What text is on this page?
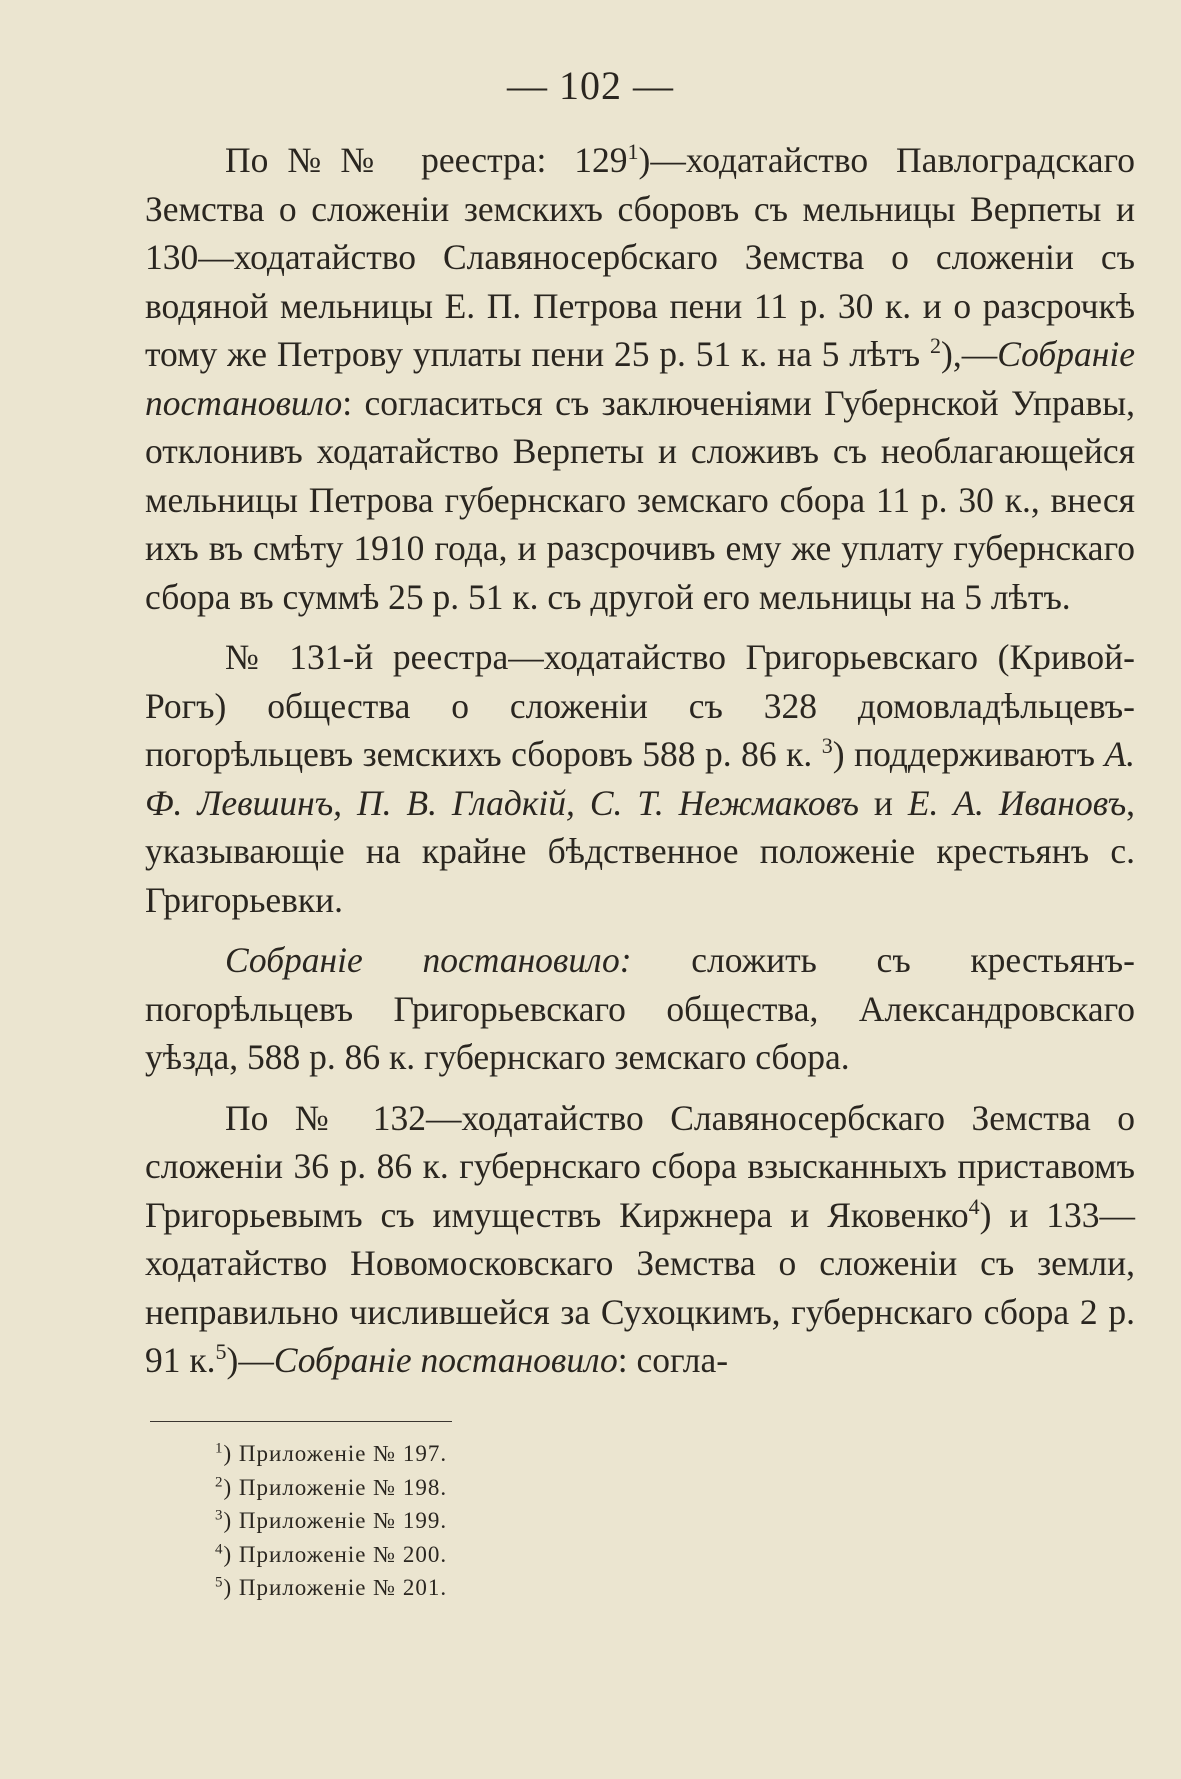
— 102 —

По№№ реестра: $129^1)—ходатайство$ Павлоградскаго Земства о сложенiи земскихъ сборовъ съ мельницы Верпеты и 130—ходатайство Славяносербскаго Земства о сложенiи съ водяной мельницы Е. П. Петрова пени 11 р. 30 к. и о разсрочкѣ тому же Петрову уплаты пени 25 р. 51 к. на 5 лѣтъ $^2$),—Собранiе постановило: согласиться съ заключенiями Губернской Управы, отклонивъ ходатайство Верпеты и сложивъ съ необлагающейся мельницы Петрова губернскаго земскаго сбора 11 р. 30 к., внеся ихъ въ смѣту 1910 года, и разсрочивъ ему же уплату губернскаго сбора въ суммѣ 25 р. 51 к. съ другой его мельницы на 5 лѣтъ.

№ 131-й реестра—ходатайство Григорьевскаго (Кривой-Рогъ) общества о сложенiи съ 328 домовладѣльцевъ-погорѣльцевъ земскихъ сборовъ 588 р. 86 к. $^3$) поддерживаютъ А. Ф. Левшинъ, П. В. Гладкiй, С. Т. Нежмаковъ и Е. А. Ивановъ, указывающiе на крайне бѣдственное положенiе крестьянъ с. Григорьевки.

Собранiе постановило: сложить съ крестьянъ-погорѣльцевъ Григорьевскаго общества, Александровскаго уѣзда, 588 р. 86 к. губернскаго земскаго сбора.

По № 132—ходатайство Славяносербскаго Земства о сложенiи 36 р. 86 к. губернскаго сбора взысканныхъ приставомъ Григорьевымъ съ имуществъ Киржнера и Яковенко$^4$) и 133—ходатайство Новомосковскаго Земства о сложенiи съ земли, неправильно числившейся за Сухоцкимъ, губернскаго сбора 2 р. 91 к.$^5$)—Собранiе постановило: согла-

$^1$) Приложенiе № 197.
$^2$) Приложенiе № 198.
$^3$) Приложенiе № 199.
$^4$) Приложенiе № 200.
$^5$) Приложенiе № 201.
